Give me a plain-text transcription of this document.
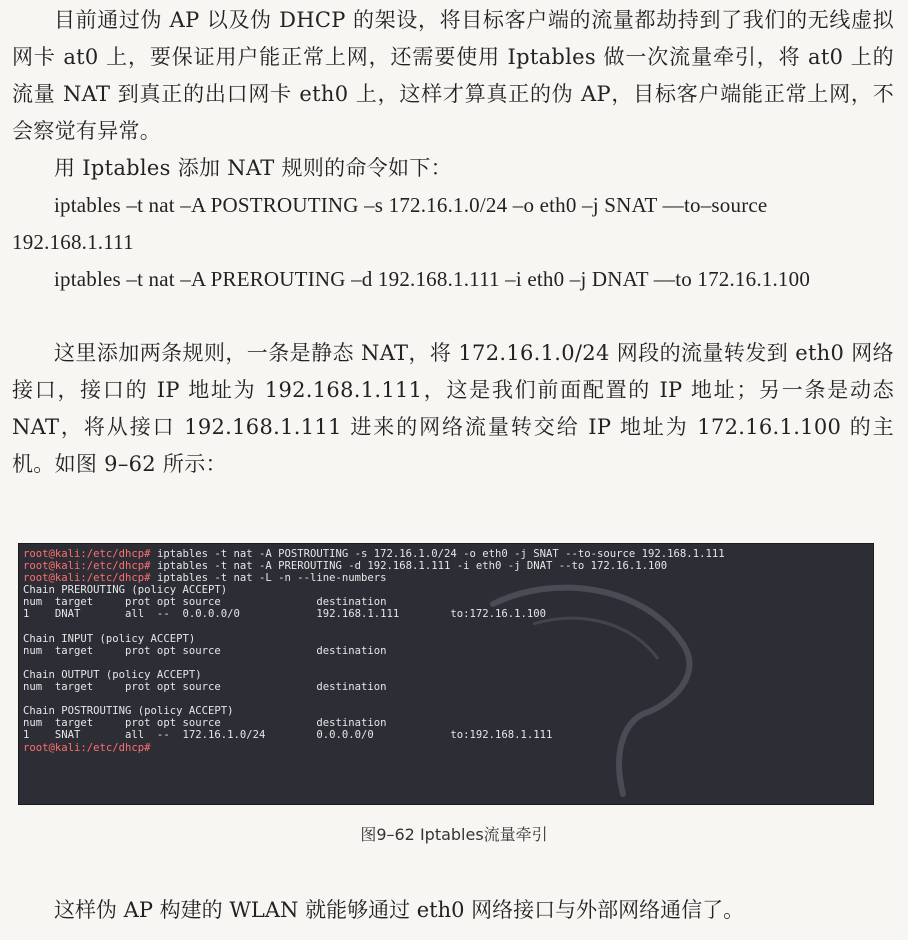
目前通过伪 AP 以及伪 DHCP 的架设，将目标客户端的流量都劫持到了我们的无线虚拟网卡 at0 上，要保证用户能正常上网，还需要使用 Iptables 做一次流量牵引，将 at0 上的流量 NAT 到真正的出口网卡 eth0 上，这样才算真正的伪 AP，目标客户端能正常上网，不会察觉有异常。

用 Iptables 添加 NAT 规则的命令如下：

iptables –t nat –A POSTROUTING –s 172.16.1.0/24 –o eth0 –j SNAT ––to–source 192.168.1.111

iptables –t nat –A PREROUTING –d 192.168.1.111 –i eth0 –j DNAT ––to 172.16.1.100

这里添加两条规则，一条是静态 NAT，将 172.16.1.0/24 网段的流量转发到 eth0 网络接口，接口的 IP 地址为 192.168.1.111，这是我们前面配置的 IP 地址；另一条是动态 NAT，将从接口 192.168.1.111 进来的网络流量转交给 IP 地址为 172.16.1.100 的主机。如图 9–62 所示：

root@kali:/etc/dhcp# iptables -t nat -A POSTROUTING -s 172.16.1.0/24 -o eth0 -j SNAT --to-source 192.168.1.111
root@kali:/etc/dhcp# iptables -t nat -A PREROUTING -d 192.168.1.111 -i eth0 -j DNAT --to 172.16.1.100
root@kali:/etc/dhcp# iptables -t nat -L -n --line-numbers
Chain PREROUTING (policy ACCEPT)
num  target     prot opt source               destination
1    DNAT       all  --  0.0.0.0/0            192.168.1.111        to:172.16.1.100
Chain INPUT (policy ACCEPT)
num  target     prot opt source               destination
Chain OUTPUT (policy ACCEPT)
num  target     prot opt source               destination
Chain POSTROUTING (policy ACCEPT)
num  target     prot opt source               destination
1    SNAT       all  --  172.16.1.0/24        0.0.0.0/0            to:192.168.1.111
root@kali:/etc/dhcp#
图9–62 Iptables流量牵引

这样伪 AP 构建的 WLAN 就能够通过 eth0 网络接口与外部网络通信了。
